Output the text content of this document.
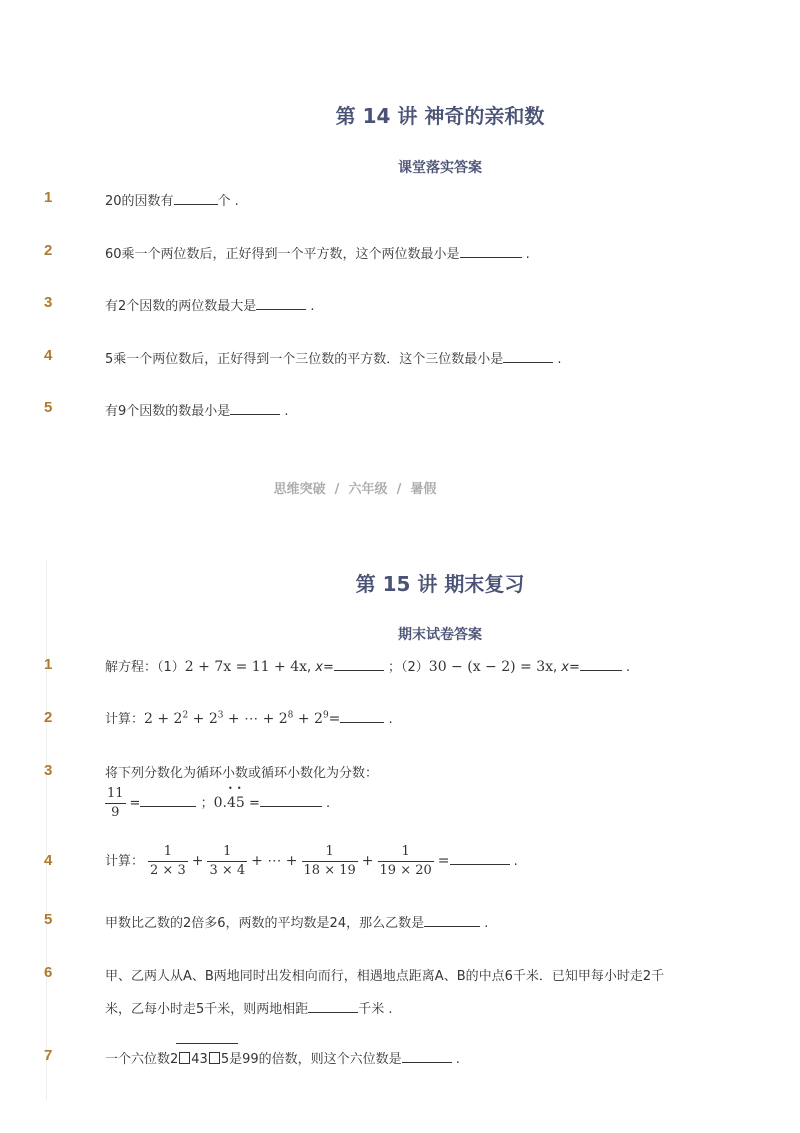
第 14 讲 神奇的亲和数
课堂落实答案
1	20的因数有	个 .
2	60乘一个两位数后，正好得到一个平方数，这个两位数最小是	.
3	有2个因数的两位数最大是	.
4	5乘一个两位数后，正好得到一个三位数的平方数．这个三位数最小是	.
5	有9个因数的数最小是	.
思维突破 / 六年级 / 暑假
第 15 讲 期末复习
期末试卷答案
1	解方程：（1）2 + 7x = 11 + 4x, x=	；（2）30 − (x − 2) = 3x, x=	.
2	计算：$2 + 2^2 + 2^3$ + ⋯ + $2^8 + 2^9=$	.
3	将下列分数化为循环小数或循环小数化为分数：
$\frac{11}{9}$ =	；0.• 4• 5 =	.
4	计算： $\frac{1}{2 \times 3} + \frac{1}{3 \times 4}$ + ⋯ + $\frac{1}{18 \times 19} + \frac{1}{19 \times 20}$ =	.
5	甲数比乙数的2倍多6，两数的平均数是24，那么乙数是	.
6	甲、乙两人从A、B两地同时出发相向而行，相遇地点距离A、B的中点6千米．已知甲每小时走2千
米，乙每小时走5千米，则两地相距	千米 .
7	一个六位数2 43 5是99的倍数，则这个六位数是	.
